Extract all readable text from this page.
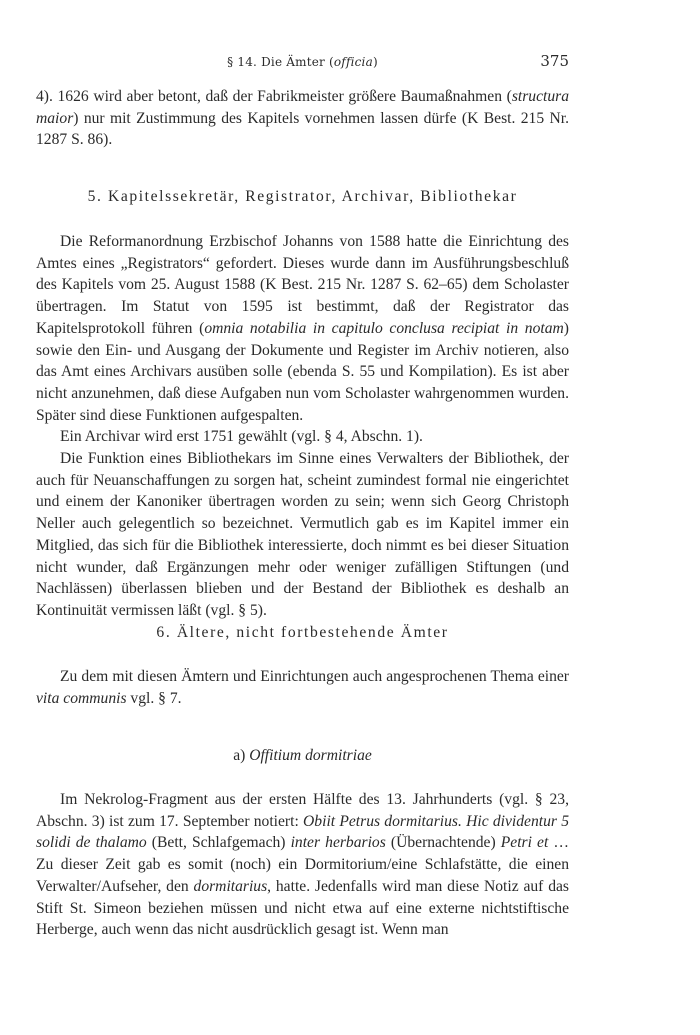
§ 14. Die Ämter (officia)	375

4). 1626 wird aber betont, daß der Fabrikmeister größere Baumaßnahmen (structura maior) nur mit Zustimmung des Kapitels vornehmen lassen dürfe (K Best. 215 Nr. 1287 S. 86).

5. Kapitelssekretär, Registrator, Archivar, Bibliothekar

Die Reformanordnung Erzbischof Johanns von 1588 hatte die Einrichtung des Amtes eines „Registrators“ gefordert. Dieses wurde dann im Ausführungsbeschluß des Kapitels vom 25. August 1588 (K Best. 215 Nr. 1287 S. 62–65) dem Scholaster übertragen. Im Statut von 1595 ist bestimmt, daß der Registrator das Kapitelsprotokoll führen (omnia notabilia in capitulo conclusa recipiat in notam) sowie den Ein- und Ausgang der Dokumente und Register im Archiv notieren, also das Amt eines Archivars ausüben solle (ebenda S. 55 und Kompilation). Es ist aber nicht anzunehmen, daß diese Aufgaben nun vom Scholaster wahrgenommen wurden. Später sind diese Funktionen aufgespalten.

Ein Archivar wird erst 1751 gewählt (vgl. § 4, Abschn. 1).

Die Funktion eines Bibliothekars im Sinne eines Verwalters der Bibliothek, der auch für Neuanschaffungen zu sorgen hat, scheint zumindest formal nie eingerichtet und einem der Kanoniker übertragen worden zu sein; wenn sich Georg Christoph Neller auch gelegentlich so bezeichnet. Vermutlich gab es im Kapitel immer ein Mitglied, das sich für die Bibliothek interessierte, doch nimmt es bei dieser Situation nicht wunder, daß Ergänzungen mehr oder weniger zufälligen Stiftungen (und Nachlässen) überlassen blieben und der Bestand der Bibliothek es deshalb an Kontinuität vermissen läßt (vgl. § 5).

6. Ältere, nicht fortbestehende Ämter

Zu dem mit diesen Ämtern und Einrichtungen auch angesprochenen Thema einer vita communis vgl. § 7.

a) Offitium dormitriae

Im Nekrolog-Fragment aus der ersten Hälfte des 13. Jahrhunderts (vgl. § 23, Abschn. 3) ist zum 17. September notiert: Obiit Petrus dormitarius. Hic dividentur 5 solidi de thalamo (Bett, Schlafgemach) inter herbarios (Übernachtende) Petri et … Zu dieser Zeit gab es somit (noch) ein Dormitorium/eine Schlafstätte, die einen Verwalter/Aufseher, den dormitarius, hatte. Jedenfalls wird man diese Notiz auf das Stift St. Simeon beziehen müssen und nicht etwa auf eine externe nichtstiftische Herberge, auch wenn das nicht ausdrücklich gesagt ist. Wenn man
